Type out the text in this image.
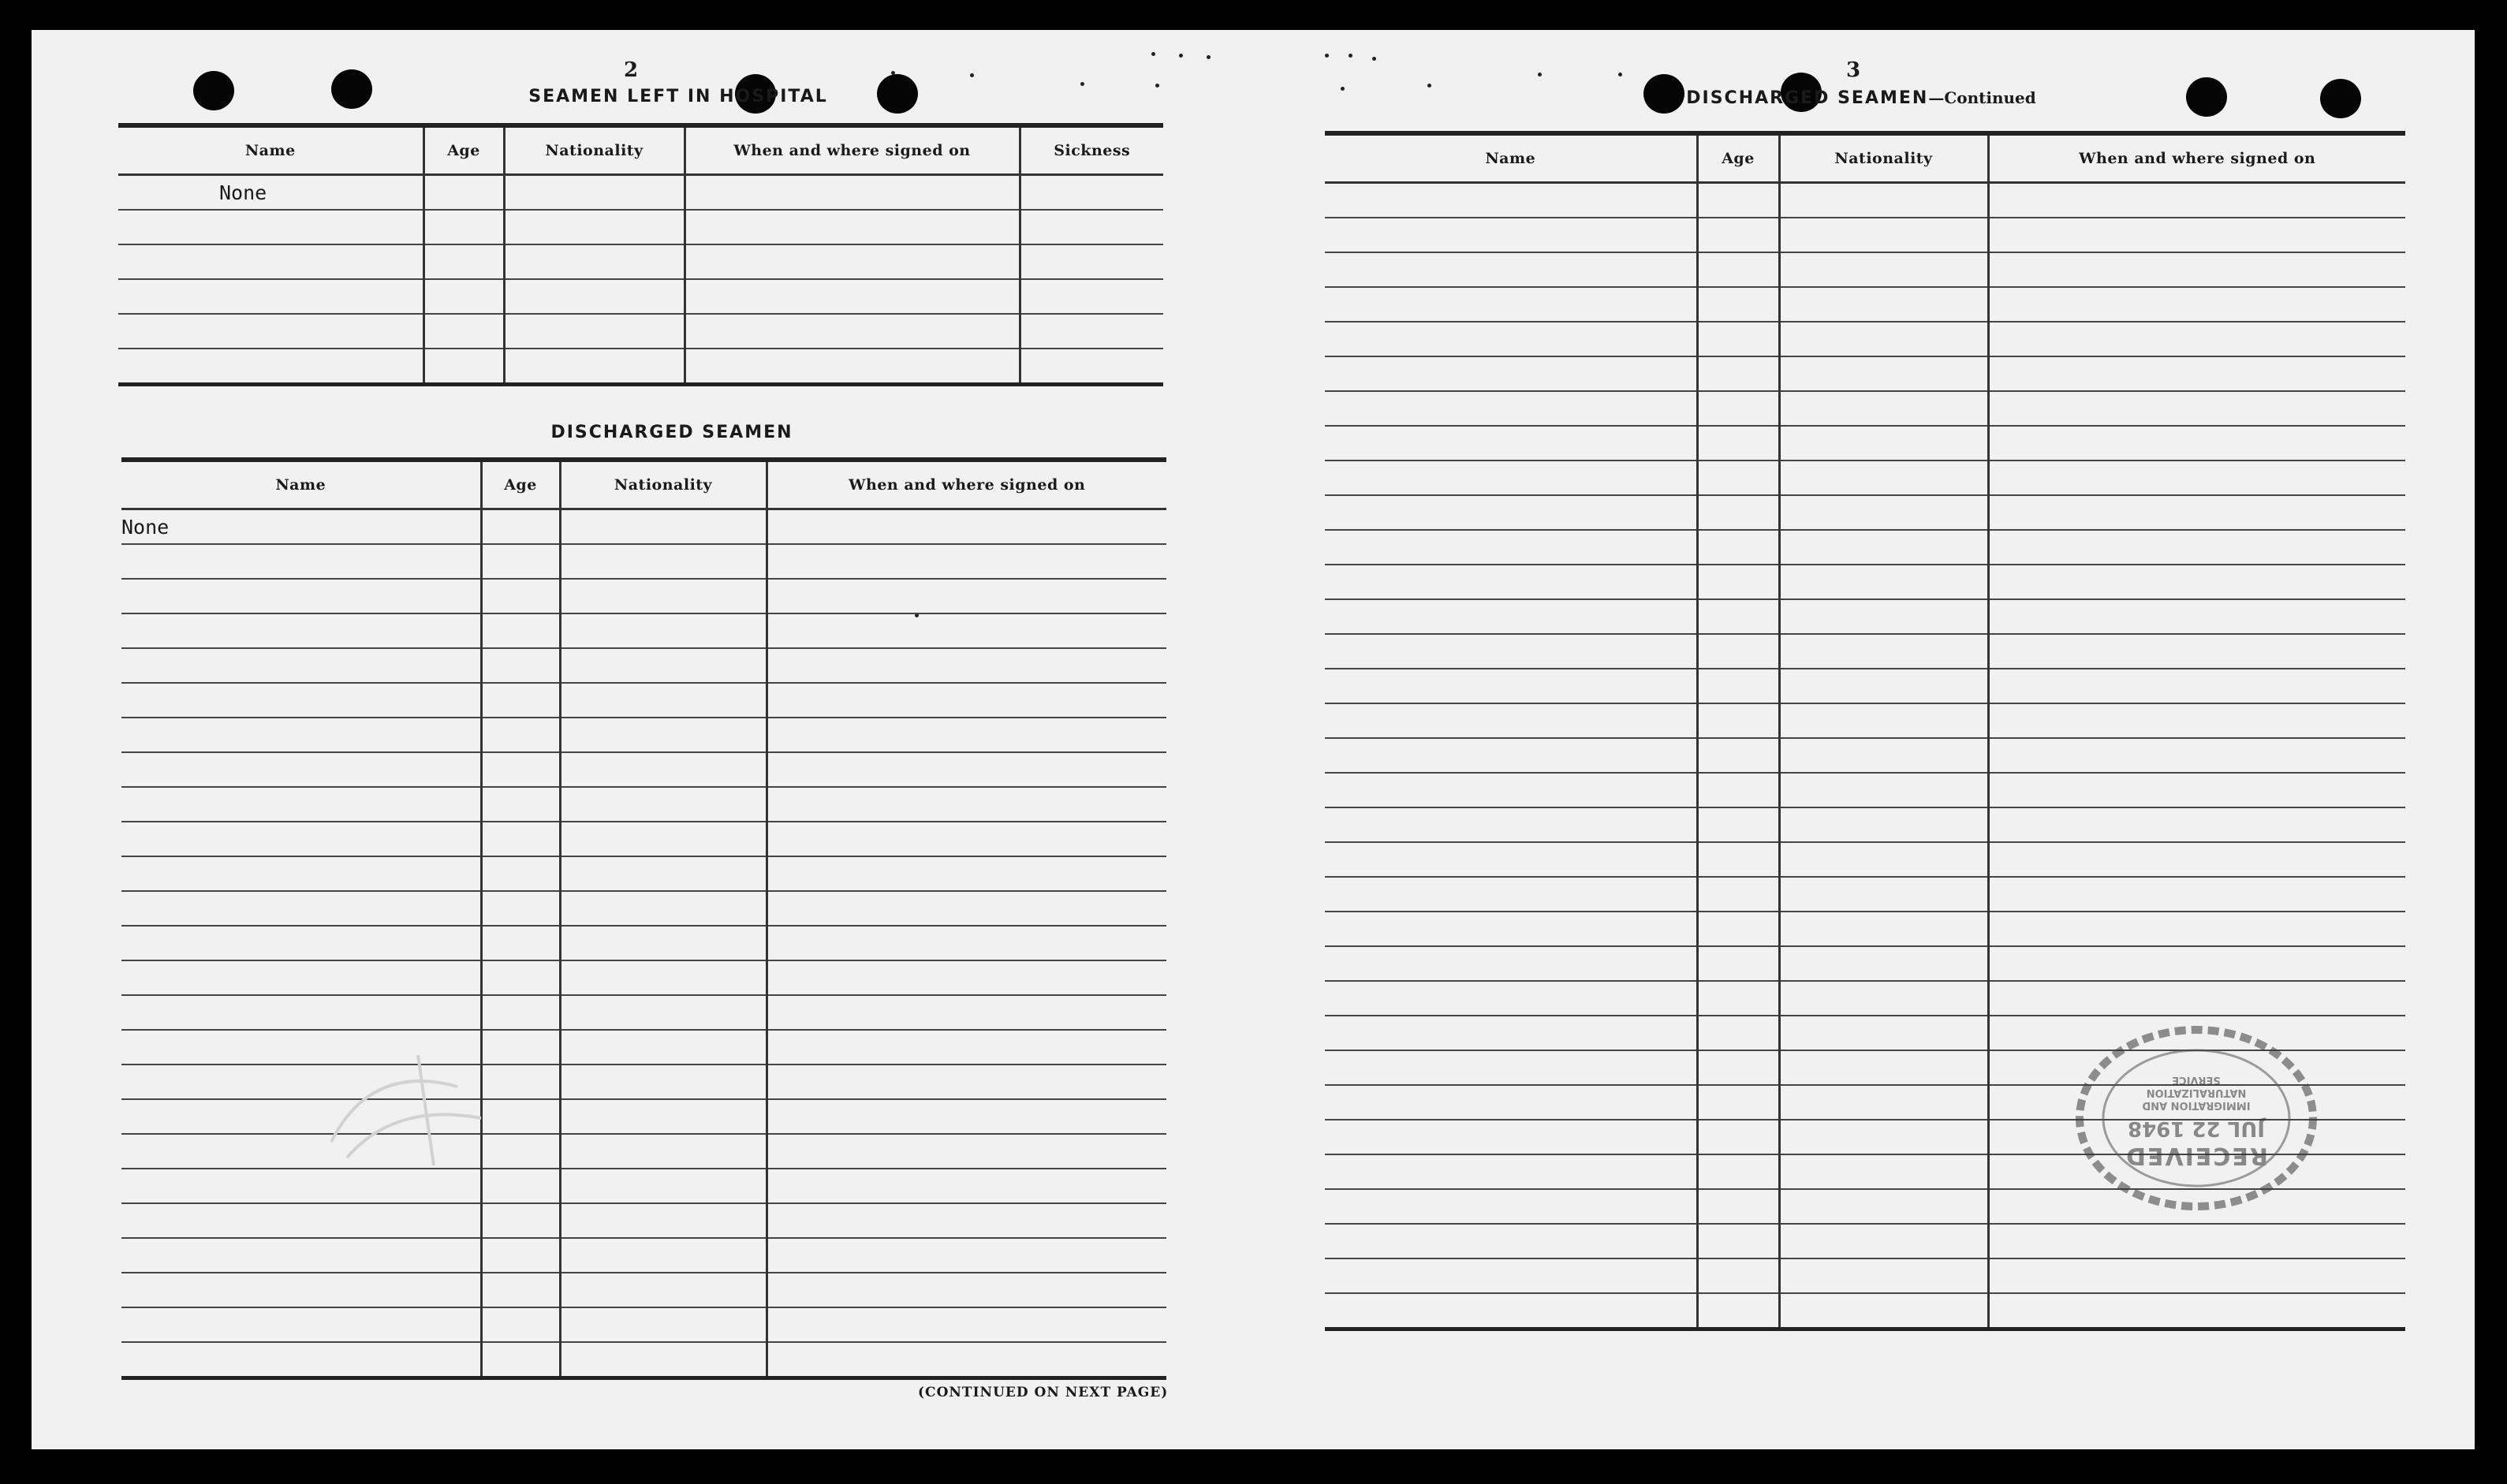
2
SEAMEN LEFT IN HOSPITAL
Name	Age	Nationality	When and where signed on	Sickness
None				

DISCHARGED SEAMEN
Name	Age	Nationality	When and where signed on
None			

(CONTINUED ON NEXT PAGE)
3
DISCHARGED SEAMEN—Continued
Name	Age	Nationality	When and where signed on

RECEIVED
JUL 22 1948
IMMIGRATION AND
NATURALIZATION
SERVICE
